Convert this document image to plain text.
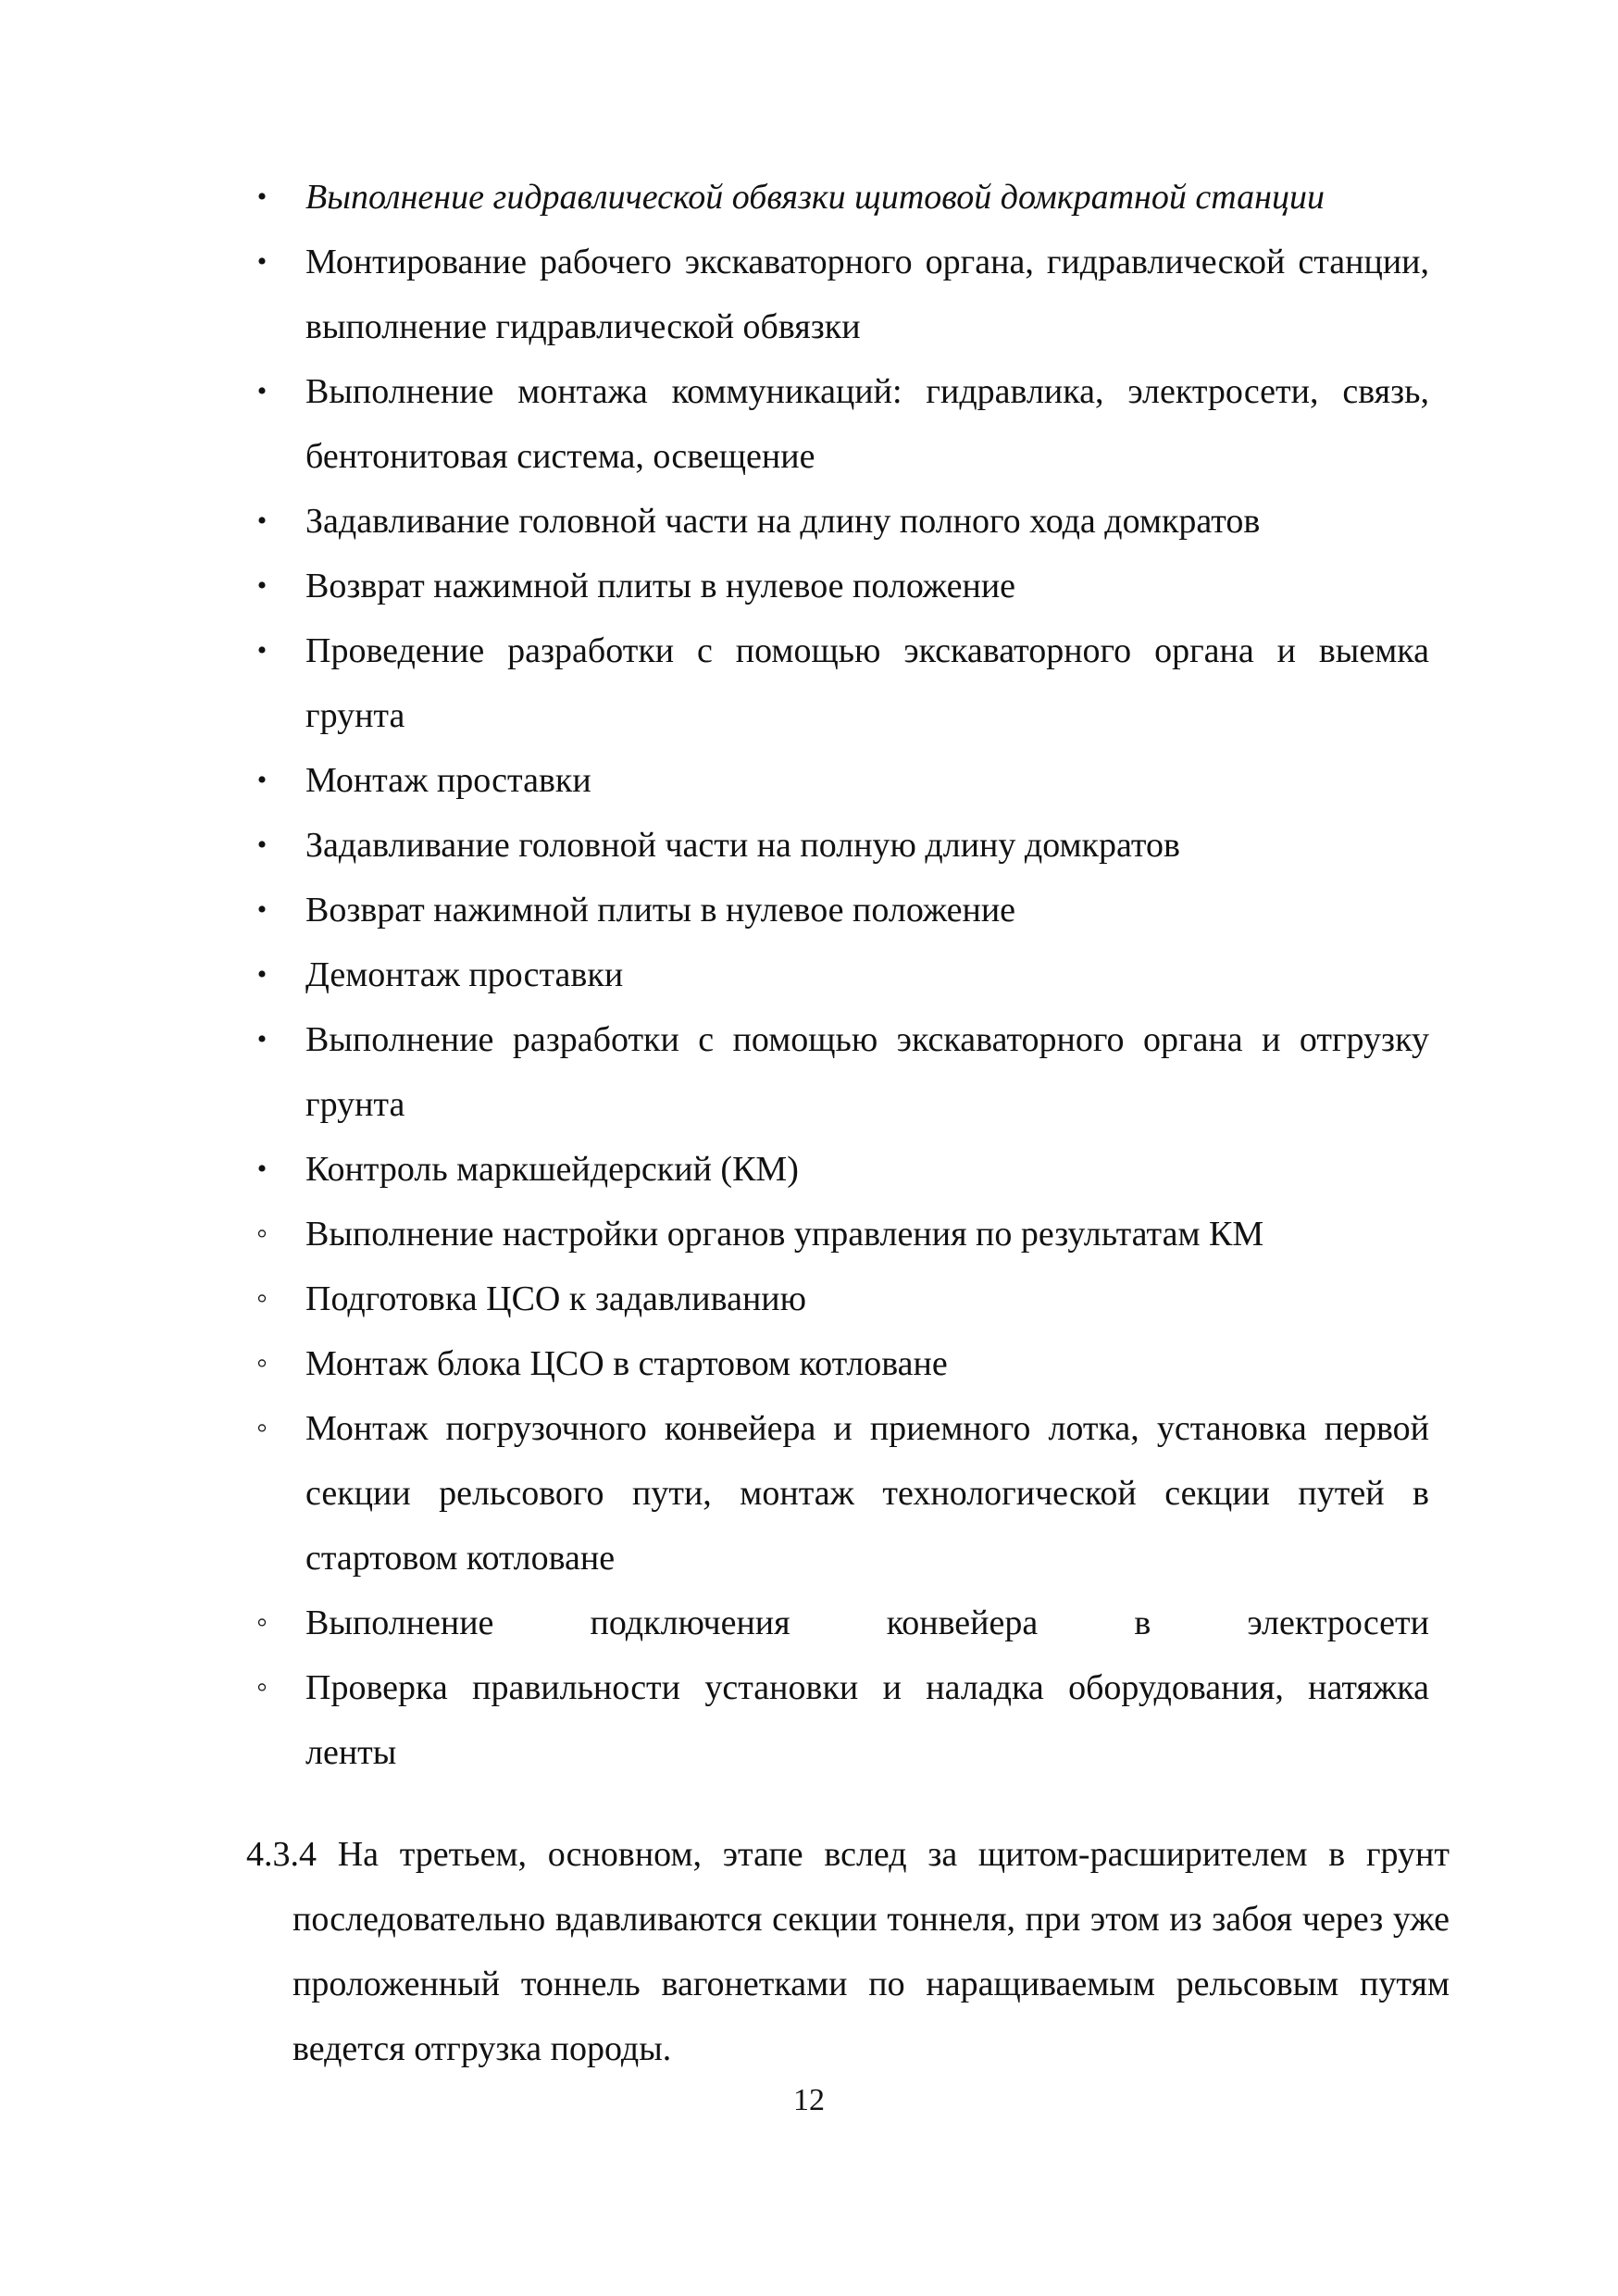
•
Выполнение гидравлической обвязки щитовой домкратной станции
•
Монтирование рабочего экскаваторного органа, гидравлической станции, выполнение гидравлической обвязки
•
Выполнение монтажа коммуникаций: гидравлика, электросети, связь, бентонитовая система, освещение
•
Задавливание головной части на длину полного хода домкратов
•
Возврат нажимной плиты в нулевое положение
•
Проведение разработки с помощью экскаваторного органа и выемка грунта
•
Монтаж проставки
•
Задавливание головной части на полную длину домкратов
•
Возврат нажимной плиты в нулевое положение
•
Демонтаж проставки
•
Выполнение разработки с помощью экскаваторного органа и отгрузку грунта
•
Контроль маркшейдерский (КМ)
◦
Выполнение настройки органов управления по результатам КМ
◦
Подготовка ЦСО к задавливанию
◦
Монтаж блока ЦСО в стартовом котловане
◦
Монтаж погрузочного конвейера и приемного лотка, установка первой секции рельсового пути, монтаж технологической секции путей в стартовом котловане
◦
Выполнение подключения конвейера в электросети
◦
Проверка правильности установки и наладка оборудования, натяжка ленты
4.3.4 На третьем, основном, этапе вслед за щитом-расширителем в грунт последовательно вдавливаются секции тоннеля, при этом из забоя через уже проложенный тоннель вагонетками по наращиваемым рельсовым путям ведется отгрузка породы.
12
